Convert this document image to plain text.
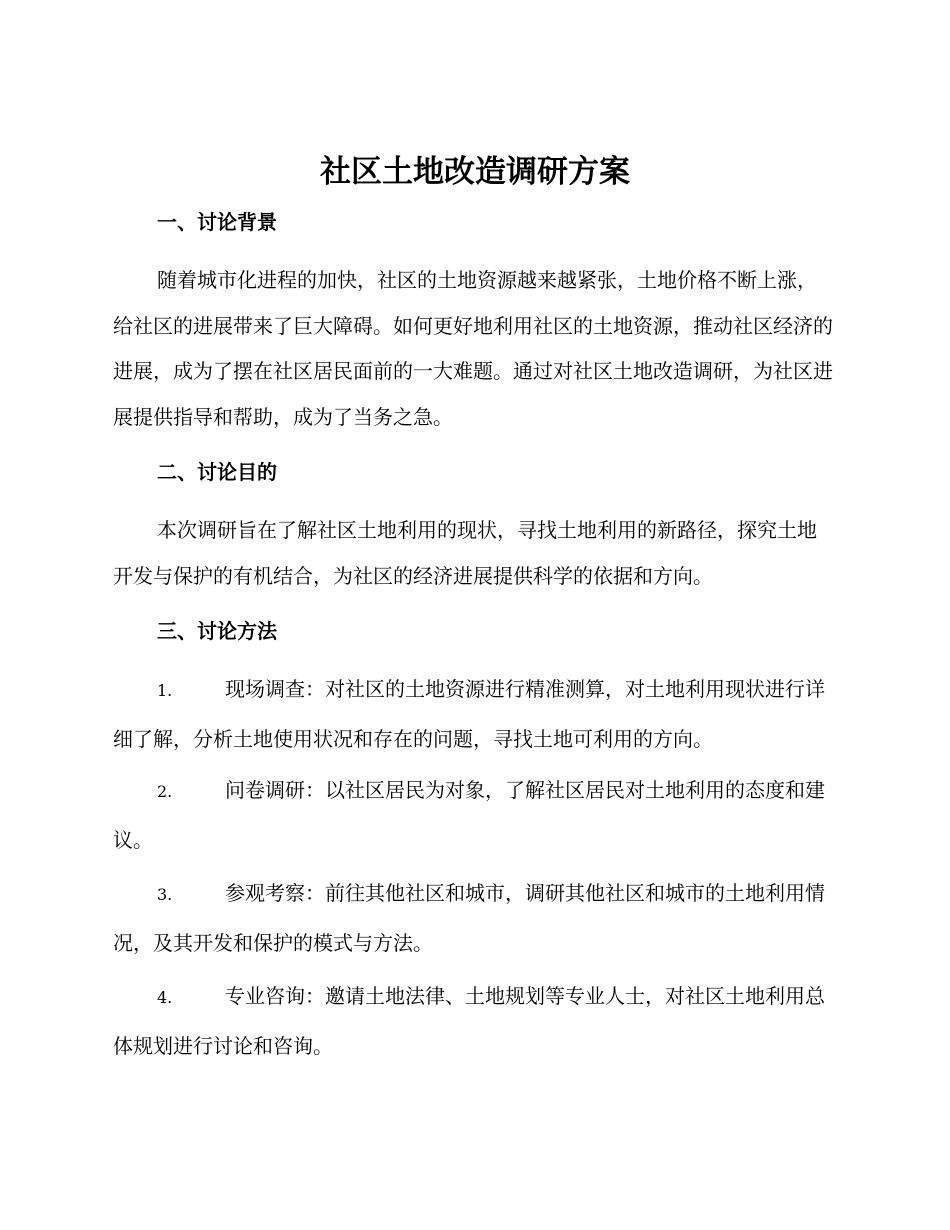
社区土地改造调研方案
一、讨论背景

随着城市化进程的加快，社区的土地资源越来越紧张，土地价格不断上涨，给社区的进展带来了巨大障碍。如何更好地利用社区的土地资源，推动社区经济的进展，成为了摆在社区居民面前的一大难题。通过对社区土地改造调研，为社区进展提供指导和帮助，成为了当务之急。

二、讨论目的

本次调研旨在了解社区土地利用的现状，寻找土地利用的新路径，探究土地开发与保护的有机结合，为社区的经济进展提供科学的依据和方向。

三、讨论方法

1.	现场调查：对社区的土地资源进行精准测算，对土地利用现状进行详细了解，分析土地使用状况和存在的问题，寻找土地可利用的方向。

2.	问卷调研：以社区居民为对象，了解社区居民对土地利用的态度和建议。

3.	参观考察：前往其他社区和城市，调研其他社区和城市的土地利用情况，及其开发和保护的模式与方法。

4.	专业咨询：邀请土地法律、土地规划等专业人士，对社区土地利用总体规划进行讨论和咨询。
